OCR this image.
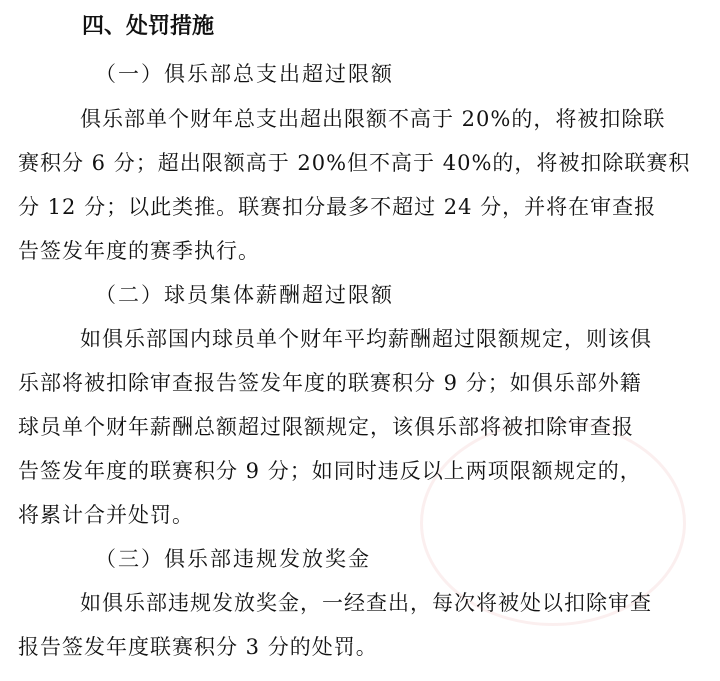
四、处罚措施
（一）俱乐部总支出超过限额
俱乐部单个财年总支出超出限额不高于 20%的，将被扣除联
赛积分 6 分；超出限额高于 20%但不高于 40%的，将被扣除联赛积
分 12 分；以此类推。联赛扣分最多不超过 24 分，并将在审查报
告签发年度的赛季执行。
（二）球员集体薪酬超过限额
如俱乐部国内球员单个财年平均薪酬超过限额规定，则该俱
乐部将被扣除审查报告签发年度的联赛积分 9 分；如俱乐部外籍
球员单个财年薪酬总额超过限额规定，该俱乐部将被扣除审查报
告签发年度的联赛积分 9 分；如同时违反以上两项限额规定的，
将累计合并处罚。
（三）俱乐部违规发放奖金
如俱乐部违规发放奖金，一经查出，每次将被处以扣除审查
报告签发年度联赛积分 3 分的处罚。
